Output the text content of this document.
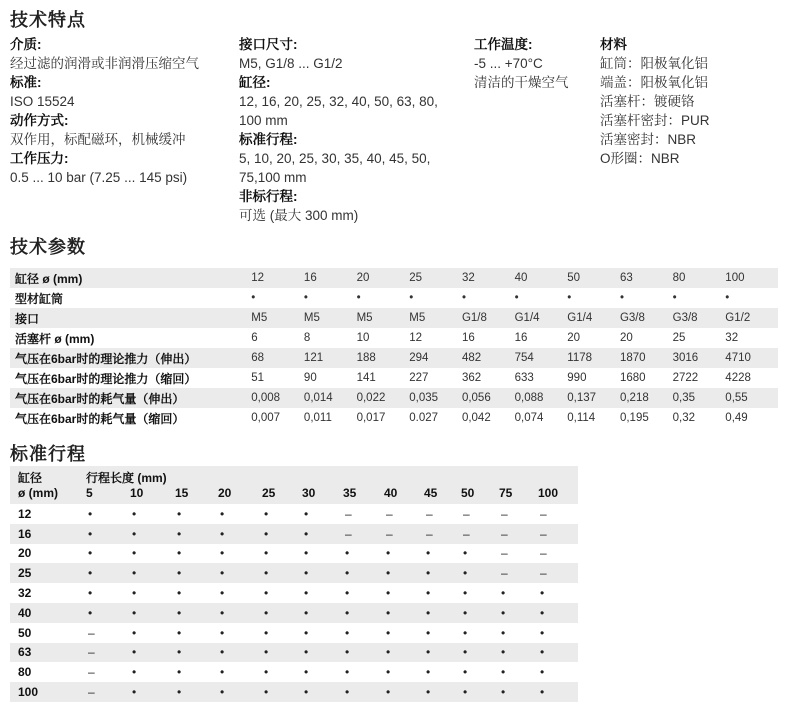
技术特点
介质:
经过滤的润滑或非润滑压缩空气
标准:
ISO 15524
动作方式:
双作用，标配磁环，机械缓冲
工作压力:
0.5 ... 10 bar (7.25 ... 145 psi)
接口尺寸:
M5, G1/8 ... G1/2
缸径:
12, 16, 20, 25, 32, 40, 50, 63, 80,
100 mm
标准行程:
5, 10, 20, 25, 30, 35, 40, 45, 50,
75,100 mm
非标行程:
可选 (最大 300 mm)
工作温度:
-5 ... +70°C
清洁的干燥空气
材料
缸筒：阳极氧化铝
端盖：阳极氧化铝
活塞杆：镀硬铬
活塞杆密封：PUR
活塞密封：NBR
O形圈：NBR
技术参数
缸径 ø (mm)	12	16	20	25	32	40	50	63	80	100
型材缸筒	•	•	•	•	•	•	•	•	•	•
接口	M5	M5	M5	M5	G1/8	G1/4	G1/4	G3/8	G3/8	G1/2
活塞杆 ø (mm)	6	8	10	12	16	16	20	20	25	32
气压在6bar时的理论推力（伸出）	68	121	188	294	482	754	1178	1870	3016	4710
气压在6bar时的理论推力（缩回）	51	90	141	227	362	633	990	1680	2722	4228
气压在6bar时的耗气量（伸出）	0,008	0,014	0,022	0,035	0,056	0,088	0,137	0,218	0,35	0,55
气压在6bar时的耗气量（缩回）	0,007	0,011	0,017	0.027	0,042	0,074	0,114	0,195	0,32	0,49
标准行程
缸径
ø (mm)
行程长度 (mm)
5	10	15 20	25 30 35 40 45 50 75 100
12	•	•	•	•	•	•	–	–	–	–	–	–
16	•	•	•	•	•	•	–	–	–	–	–	–
20	•	•	•	•	•	•	•	•	•	•	–	–
25	•	•	•	•	•	•	•	•	•	•	–	–
32	•	•	•	•	•	•	•	•	•	•	•	•
40	•	•	•	•	•	•	•	•	•	•	•	•
50	–	•	•	•	•	•	•	•	•	•	•	•
63	–	•	•	•	•	•	•	•	•	•	•	•
80	–	•	•	•	•	•	•	•	•	•	•	•
100	–	•	•	•	•	•	•	•	•	•	•	•
